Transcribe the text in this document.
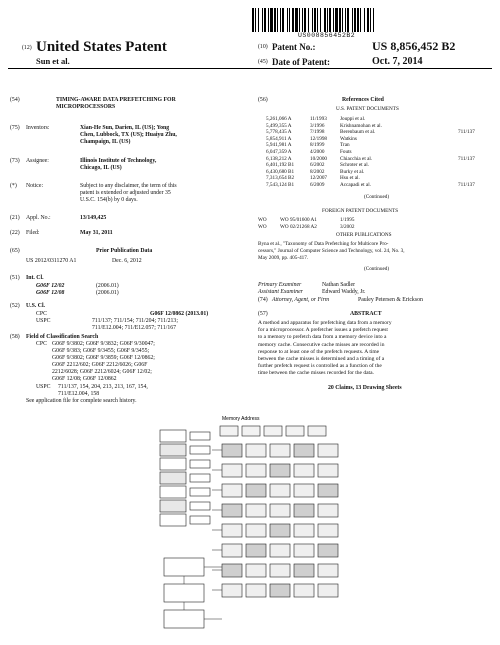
US008856452B2
(12) United States Patent
Sun et al.
(10) Patent No.:	US 8,856,452 B2
(45) Date of Patent:	Oct. 7, 2014
(54)	TIMING-AWARE DATA PREFETCHING FOR
MICROPROCESSORS
(75) Inventors:	Xian-He Sun, Darien, IL (US); Yong
Chen, Lubbock, TX (US); Huaiyu Zhu,
Champaign, IL (US)
(73) Assignee:	Illinois Institute of Technology,
Chicago, IL (US)
(*) Notice:	Subject to any disclaimer, the term of this
patent is extended or adjusted under 35
U.S.C. 154(b) by 0 days.
(21) Appl. No.:	13/149,425
(22) Filed:	May 31, 2011
(65)	Prior Publication Data
US 2012/0311270 A1	Dec. 6, 2012
(51) Int. Cl.
G06F 12/02	(2006.01)
G06F 12/08	(2006.01)
(52) U.S. Cl.
CPC	G06F 12/0862 (2013.01)
USPC	711/137; 711/154; 711/204; 711/213;
711/E12.004; 711/E12.057; 711/167
(58) Field of Classification Search
CPC G06F 9/3802; G06F 9/3832; G06F 9/30047;
G06F 9/383; G06F 9/3455; G06F 9/3455;
G06F 9/3802; G06F 9/3859; G06F 12/0862;
G06F 2212/602; G06F 2212/6026; G06F
2212/6028; G06F 2212/6024; G06F 12/02;
G06F 12/08; G06F 12/0862
USPC 711/137, 154, 204, 213, 213, 167, 154,
711/E12.004, 158
See application file for complete search history.
(56)	References Cited
U.S. PATENT DOCUMENTS
5,261,066 A	11/1993	Jouppi et al.
5,499,355 A	3/1996	Krishnamohan et al.
5,778,435 A	7/1998	Berenbaum et al.	711/137
5,854,911 A	12/1998 Watkins
5,941,981 A	8/1999	Tran
6,047,359 A	4/2000	Fouts
6,138,212 A	10/2000 Chiacchia et al.	711/137
6,401,192 B1	6/2002	Schroter et al.
6,430,680 B1	8/2002	Burky et al.
7,313,654 B2	12/2007 Hsu et al.
7,543,124 B1	6/2009	Accapadi et al.	711/137
(Continued)
FOREIGN PATENT DOCUMENTS
WO	WO 95/01600 A1	1/1995
WO	WO 02/21268 A2	3/2002
OTHER PUBLICATIONS
Byna et al., "Taxonomy of Data Prefetching for Multicore Pro-
cessors," Journal of Computer Science and Technology, vol. 24, No. 3,
May 2009, pp. 405-417.
(Continued)
Primary Examiner	Nathan Sadler
Assistant Examiner	Edward Waddy, Jr.
(74) Attorney, Agent, or Firm	Pauley Petersen & Erickson
(57)	ABSTRACT
A method and apparatus for prefetching data from a memory
for a microprocessor. A prefetcher issues a prefetch request
to a memory to prefetch data from a memory device into a
memory cache. Consecutive cache misses are recorded in
response to at least one of the prefetch requests. A time
between the cache misses is determined and a timing of a
further prefetch request is controlled as a function of the
time between the cache misses recorded for the data.
20 Claims, 13 Drawing Sheets
Memory Address
